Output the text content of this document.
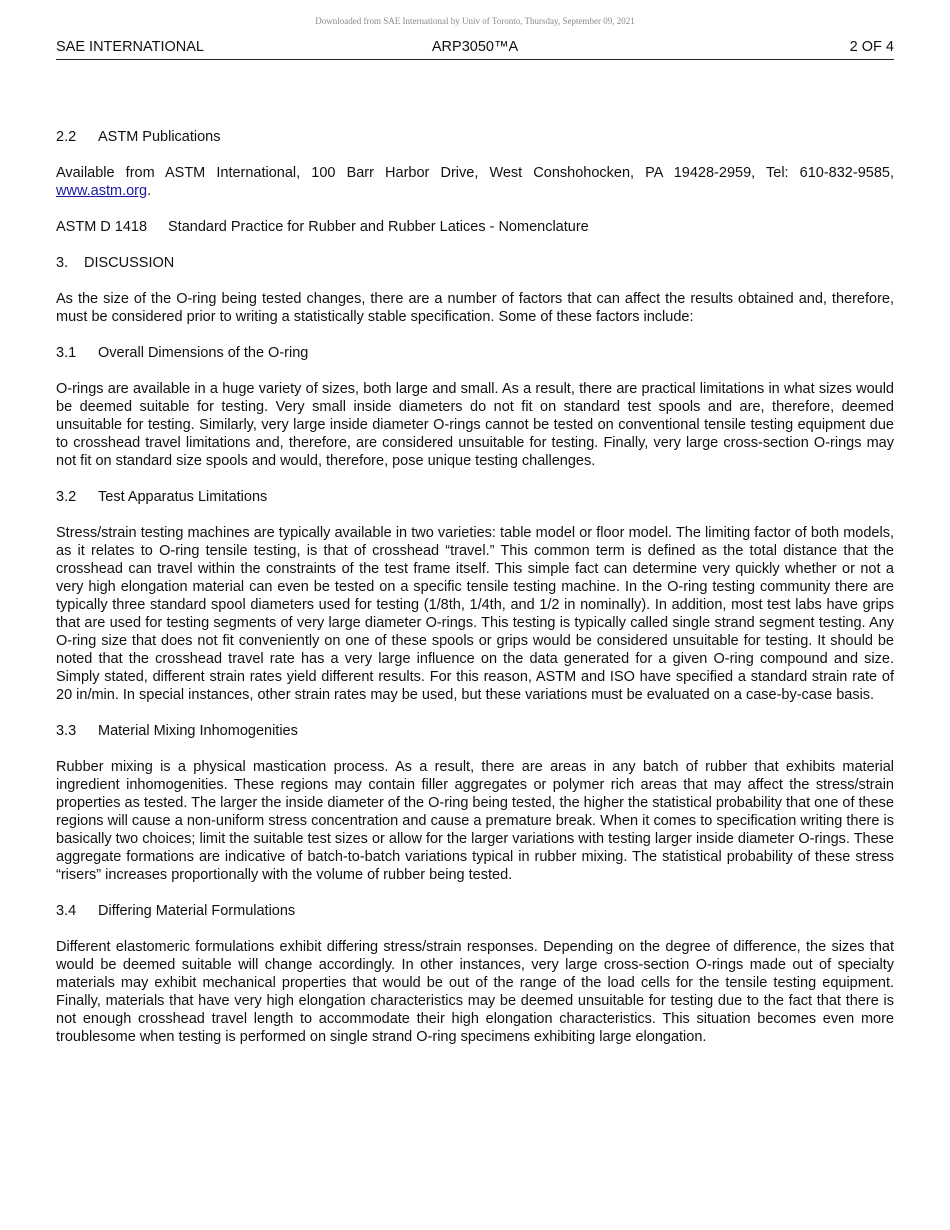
Downloaded from SAE International by Univ of Toronto, Thursday, September 09, 2021
SAE INTERNATIONAL	ARP3050™A	2 OF 4
2.2 ASTM Publications

Available from ASTM International, 100 Barr Harbor Drive, West Conshohocken, PA 19428-2959, Tel: 610-832-9585, www.astm.org.

ASTM D 1418 Standard Practice for Rubber and Rubber Latices - Nomenclature
3. DISCUSSION

As the size of the O-ring being tested changes, there are a number of factors that can affect the results obtained and, therefore, must be considered prior to writing a statistically stable specification. Some of these factors include:

3.1 Overall Dimensions of the O-ring

O-rings are available in a huge variety of sizes, both large and small. As a result, there are practical limitations in what sizes would be deemed suitable for testing. Very small inside diameters do not fit on standard test spools and are, therefore, deemed unsuitable for testing. Similarly, very large inside diameter O-rings cannot be tested on conventional tensile testing equipment due to crosshead travel limitations and, therefore, are considered unsuitable for testing. Finally, very large cross-section O-rings may not fit on standard size spools and would, therefore, pose unique testing challenges.

3.2 Test Apparatus Limitations

Stress/strain testing machines are typically available in two varieties: table model or floor model. The limiting factor of both models, as it relates to O-ring tensile testing, is that of crosshead “travel.” This common term is defined as the total distance that the crosshead can travel within the constraints of the test frame itself. This simple fact can determine very quickly whether or not a very high elongation material can even be tested on a specific tensile testing machine. In the O-ring testing community there are typically three standard spool diameters used for testing (1/8th, 1/4th, and 1/2 in nominally). In addition, most test labs have grips that are used for testing segments of very large diameter O-rings. This testing is typically called single strand segment testing. Any O-ring size that does not fit conveniently on one of these spools or grips would be considered unsuitable for testing. It should be noted that the crosshead travel rate has a very large influence on the data generated for a given O-ring compound and size. Simply stated, different strain rates yield different results. For this reason, ASTM and ISO have specified a standard strain rate of 20 in/min. In special instances, other strain rates may be used, but these variations must be evaluated on a case-by-case basis.

3.3 Material Mixing Inhomogenities

Rubber mixing is a physical mastication process. As a result, there are areas in any batch of rubber that exhibits material ingredient inhomogenities. These regions may contain filler aggregates or polymer rich areas that may affect the stress/strain properties as tested. The larger the inside diameter of the O-ring being tested, the higher the statistical probability that one of these regions will cause a non-uniform stress concentration and cause a premature break. When it comes to specification writing there is basically two choices; limit the suitable test sizes or allow for the larger variations with testing larger inside diameter O-rings. These aggregate formations are indicative of batch-to-batch variations typical in rubber mixing. The statistical probability of these stress “risers” increases proportionally with the volume of rubber being tested.

3.4 Differing Material Formulations

Different elastomeric formulations exhibit differing stress/strain responses. Depending on the degree of difference, the sizes that would be deemed suitable will change accordingly. In other instances, very large cross-section O-rings made out of specialty materials may exhibit mechanical properties that would be out of the range of the load cells for the tensile testing equipment. Finally, materials that have very high elongation characteristics may be deemed unsuitable for testing due to the fact that there is not enough crosshead travel length to accommodate their high elongation characteristics. This situation becomes even more troublesome when testing is performed on single strand O-ring specimens exhibiting large elongation.
